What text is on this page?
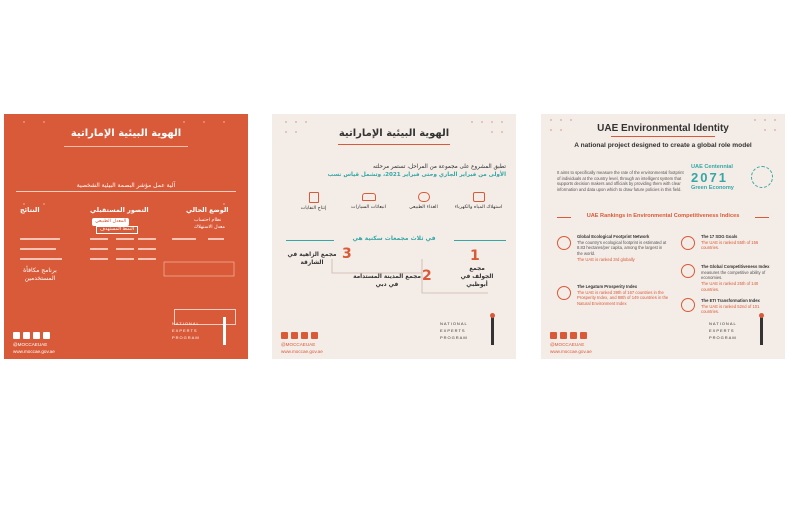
الهوية البيئية الإماراتية
آلية عمل مؤشر البصمة البيئية الشخصية
النتائج	التصور المستقبلي	الوضع الحالي
المعدل الطبيعي
النمط المستهدف
نظام احتساب
معدل الاستهلاك
برنامج مكافأة المستخدمين
@MOCCAEUAE
www.moccae.gov.ae
NATIONAL
EXPERTS
PROGRAM
الهوية البيئية الإماراتية
تطبق المشروع على مجموعة من المراحل، تستمر مرحلته
الأولى من فبراير الجاري وحتى فبراير 2021، وتشمل قياس نسب
استهلاك المياه والكهرباء
الغذاء الطبيعي
انبعاثات السيارات
إنتاج النفايات
في ثلاث مجمعات سكنية هي
1
مجمع الجولف في أبوظبي
2
مجمع المدينة المستدامة في دبي
3
مجمع الزاهية في الشارقة
@MOCCAEUAE
www.moccae.gov.ae
NATIONAL
EXPERTS
PROGRAM
UAE Environmental Identity
A national project designed to create a global role model
It aims to specifically measure the rate of the environmental footprint of individuals at the country level, through an intelligent system that supports decision makers and officials by providing them with clear information and data upon which to draw future policies in this field.
UAE Centennial
2071
Green Economy
UAE Rankings in Environmental Competitiveness Indices
Global Ecological Footprint Network
The country's ecological footprint is estimated at 8.83 hectares/per capita, among the largest in the world.
The UAE is ranked 3rd globally
The 17 SDG Goals
The UAE is ranked 55th of 156 countries.
The Global Competitiveness Index
measures the competitive ability of economies.
The UAE is ranked 25th of 140 countries.
The Legatum Prosperity Index
The UAE is ranked 39th of 167 countries in the Prosperity Index, and 88th of 149 countries in the Natural Environment Index
The ETI Transformation Index
The UAE is ranked 52nd of 101 countries.
@MOCCAEUAE
www.moccae.gov.ae
NATIONAL
EXPERTS
PROGRAM
